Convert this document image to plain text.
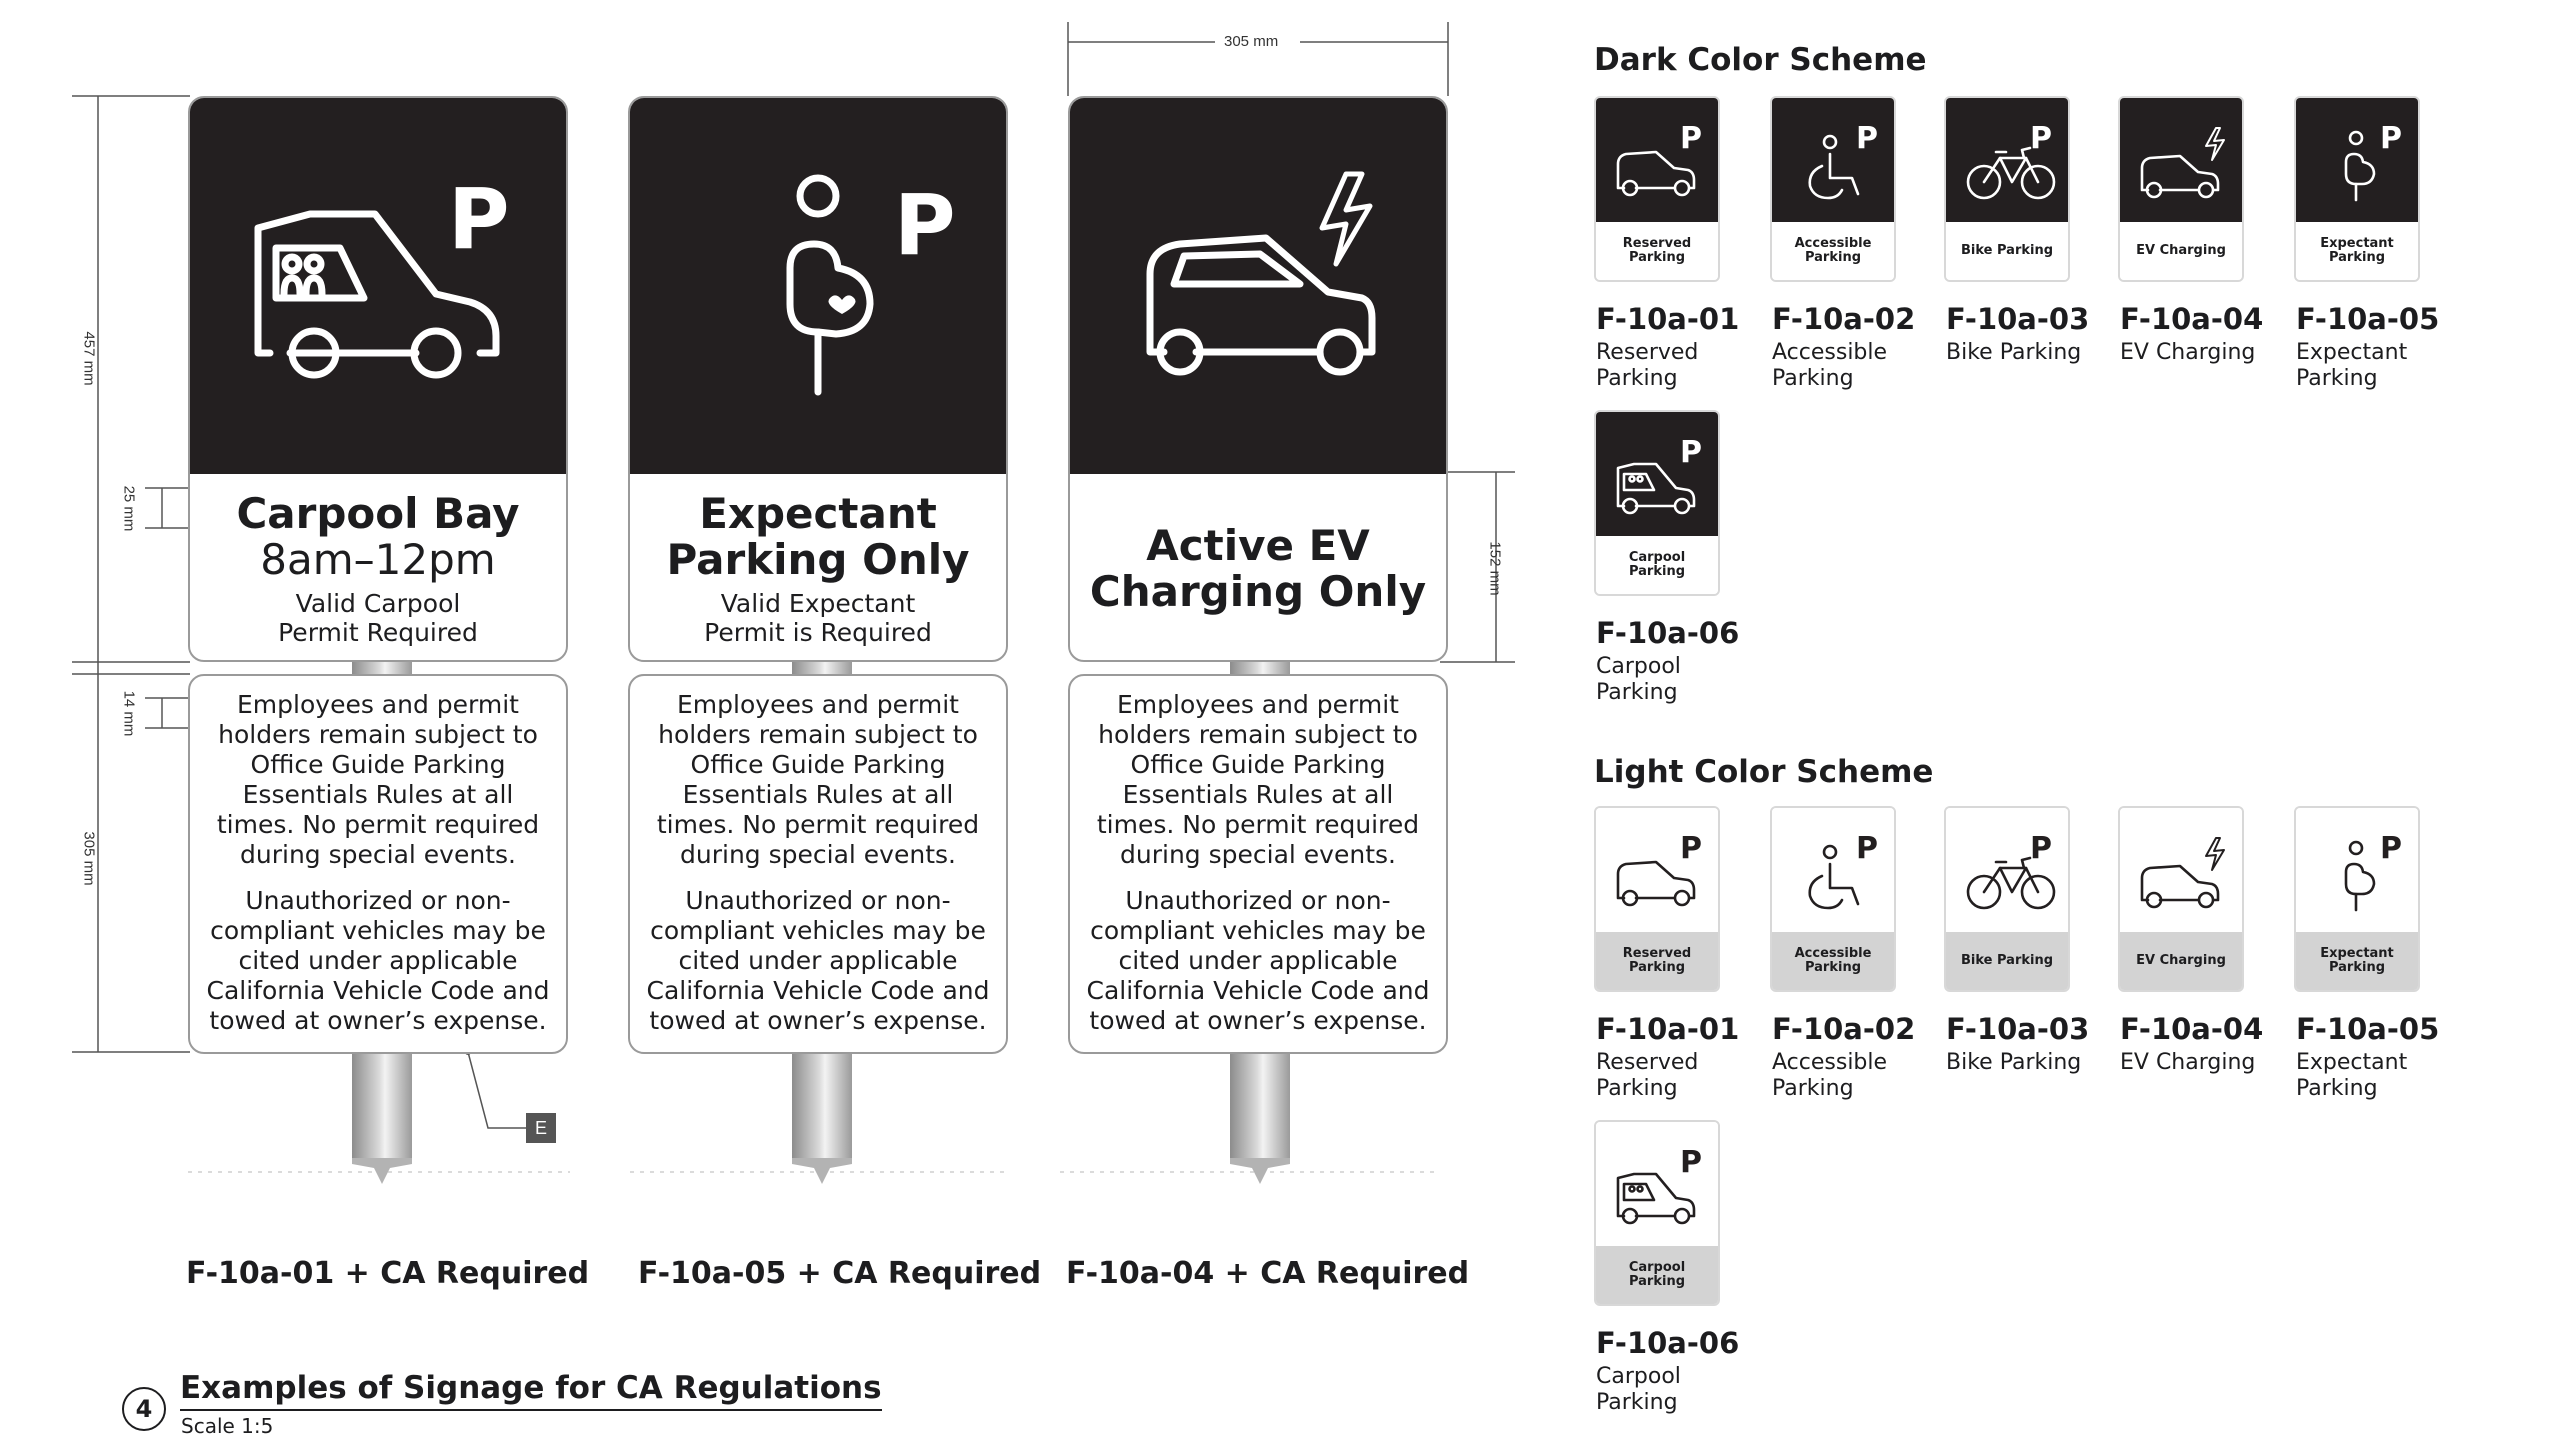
305 mm
457 mm
25 mm
14 mm
305 mm
152 mm
P
Carpool Bay
8am–12pm
Valid Carpool
Permit Required

Employees and permit holders remain subject to Office Guide Parking Essentials Rules at all times. No permit required during special events.

Unauthorized or non-compliant vehicles may be cited under applicable California Vehicle Code and towed at owner’s expense.

F-10a-01 + CA Required
P
Expectant
Parking Only
Valid Expectant
Permit is Required

Employees and permit holders remain subject to Office Guide Parking Essentials Rules at all times. No permit required during special events.

Unauthorized or non-compliant vehicles may be cited under applicable California Vehicle Code and towed at owner’s expense.

F-10a-05 + CA Required
Active EV
Charging Only

Employees and permit holders remain subject to Office Guide Parking Essentials Rules at all times. No permit required during special events.

Unauthorized or non-compliant vehicles may be cited under applicable California Vehicle Code and towed at owner’s expense.

F-10a-04 + CA Required
E
4
Examples of Signage for CA Regulations
Scale 1:5
Dark Color Scheme
P
Reserved Parking
F-10a-01
Reserved Parking
P
Accessible Parking
F-10a-02
Accessible Parking
P
Bike Parking
F-10a-03
Bike Parking
EV Charging
F-10a-04
EV Charging
P
Expectant Parking
F-10a-05
Expectant Parking
P
Carpool Parking
F-10a-06
Carpool Parking
Light Color Scheme
P
Reserved Parking
F-10a-01
Reserved Parking
P
Accessible Parking
F-10a-02
Accessible Parking
P
Bike Parking
F-10a-03
Bike Parking
EV Charging
F-10a-04
EV Charging
P
Expectant Parking
F-10a-05
Expectant Parking
P
Carpool Parking
F-10a-06
Carpool Parking
